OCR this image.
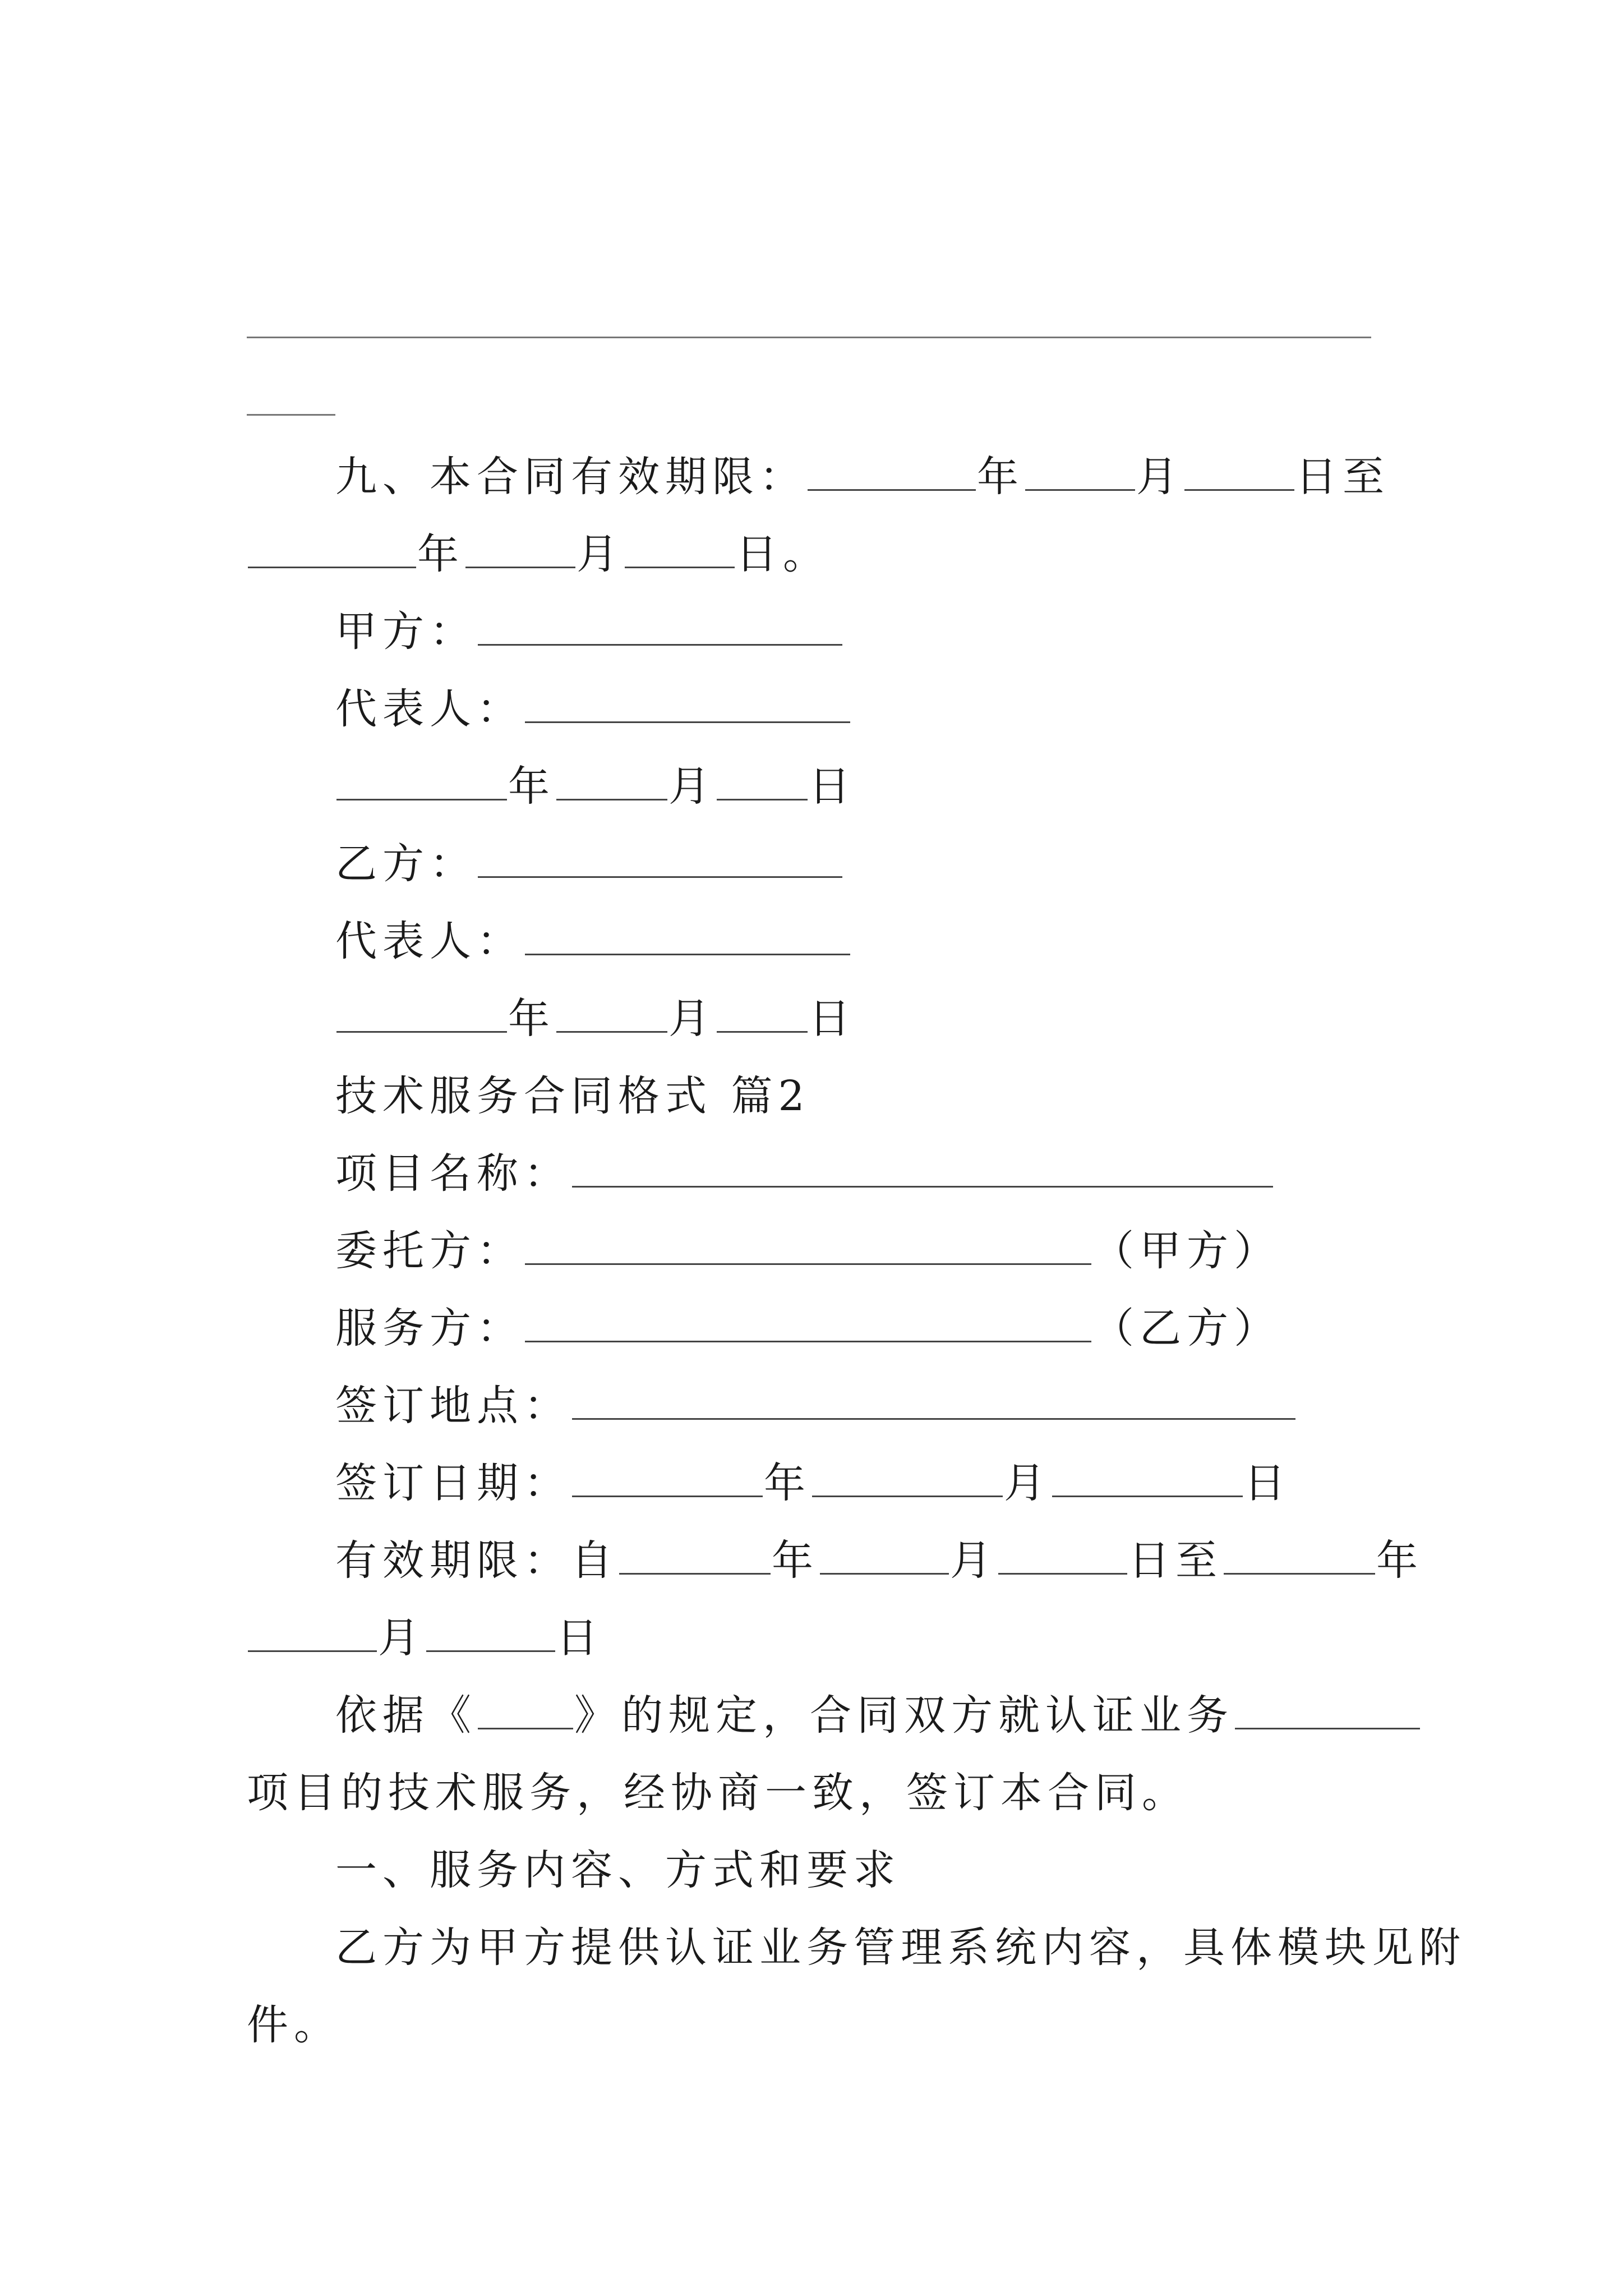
九、本合同有效期限：	年	月	日至
年	月	日。
甲方：
代表人：
年	月 日
乙方：
代表人：
年	月 日
技术服务合同格式 篇2
项目名称：
委托方：	（甲方）
服务方：	（乙方）
签订地点：
签订日期：	年	月	日
有效期限：自	年	月	日至	年
月	日
依据《 》的规定，合同双方就认证业务
项目的技术服务，经协商一致，签订本合同。
一、服务内容、方式和要求
乙方为甲方提供认证业务管理系统内容，具体模块见附
件。
